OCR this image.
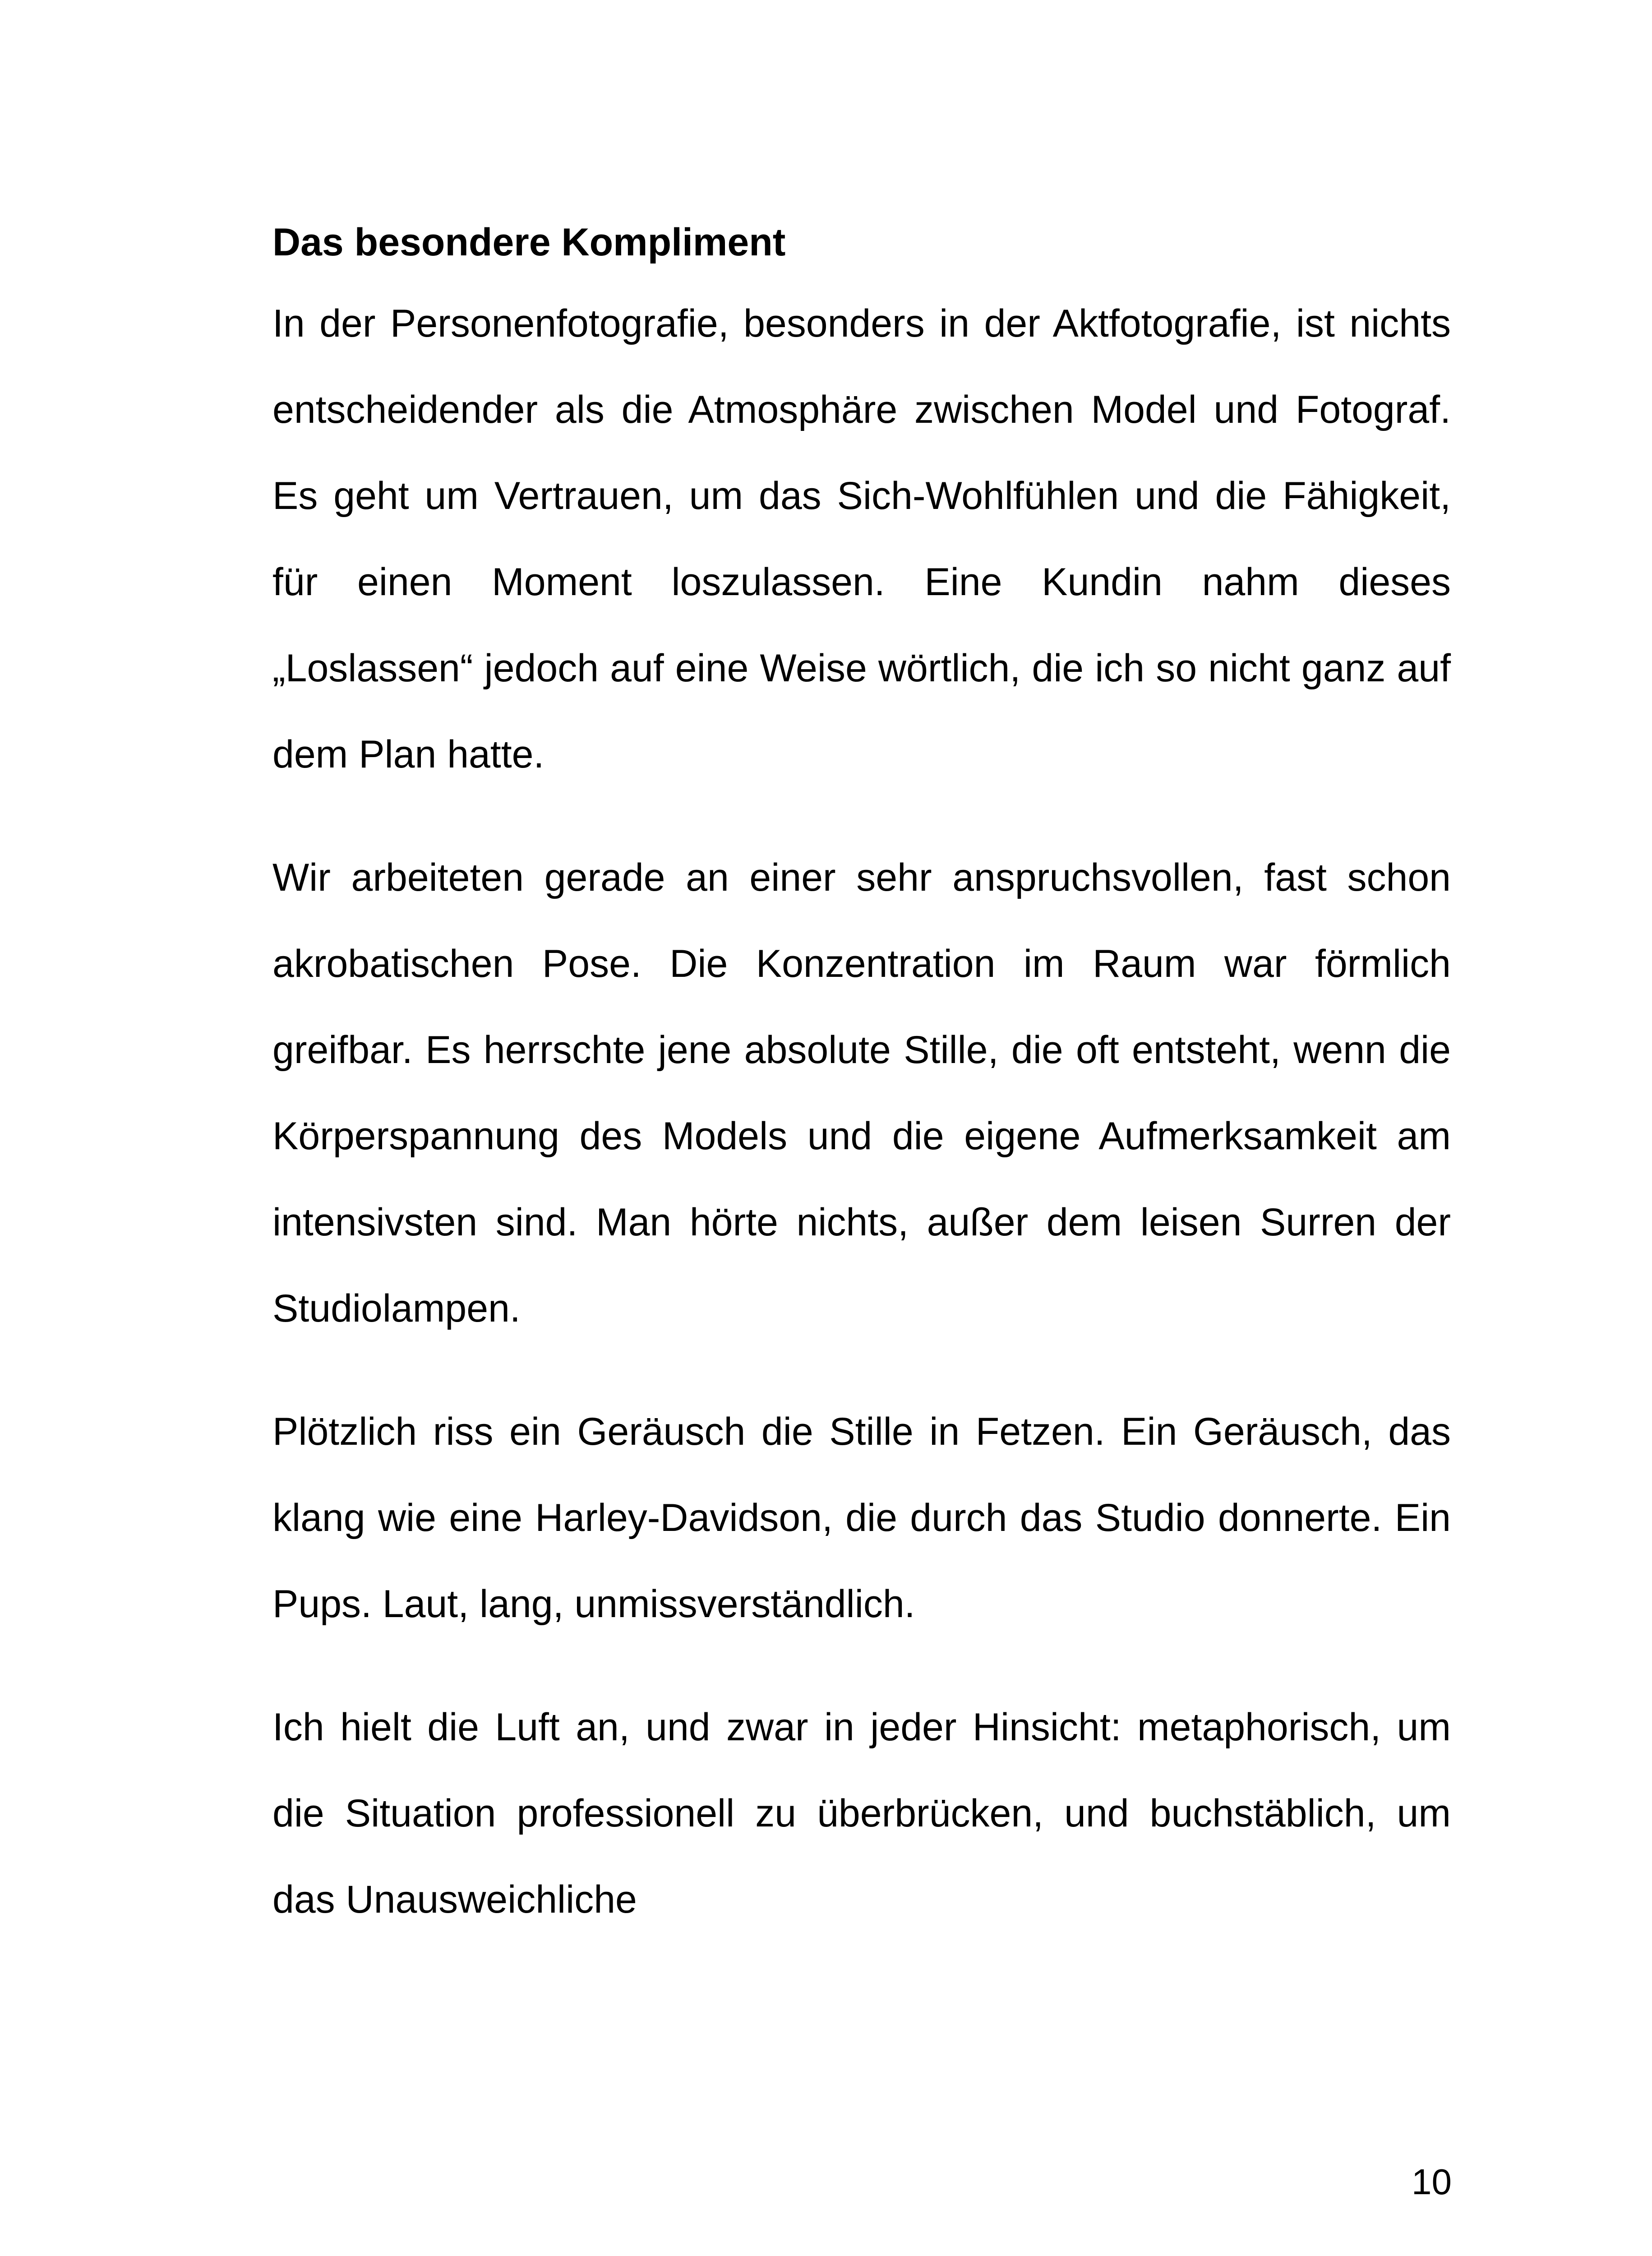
Das besondere Kompliment

In der Personenfotografie, besonders in der Aktfotografie, ist nichts entscheidender als die Atmosphäre zwischen Model und Fotograf. Es geht um Vertrauen, um das Sich-Wohlfühlen und die Fähigkeit, für einen Moment loszulassen. Eine Kundin nahm dieses „Loslassen“ jedoch auf eine Weise wörtlich, die ich so nicht ganz auf dem Plan hatte.

Wir arbeiteten gerade an einer sehr anspruchsvollen, fast schon akrobatischen Pose. Die Konzentration im Raum war förmlich greifbar. Es herrschte jene absolute Stille, die oft entsteht, wenn die Körperspannung des Models und die eigene Aufmerksamkeit am intensivsten sind. Man hörte nichts, außer dem leisen Surren der Studiolampen.

Plötzlich riss ein Geräusch die Stille in Fetzen. Ein Geräusch, das klang wie eine Harley-Davidson, die durch das Studio donnerte. Ein Pups. Laut, lang, unmissverständlich.

Ich hielt die Luft an, und zwar in jeder Hinsicht: metaphorisch, um die Situation professionell zu überbrücken, und buchstäblich, um das Unausweichliche

10
